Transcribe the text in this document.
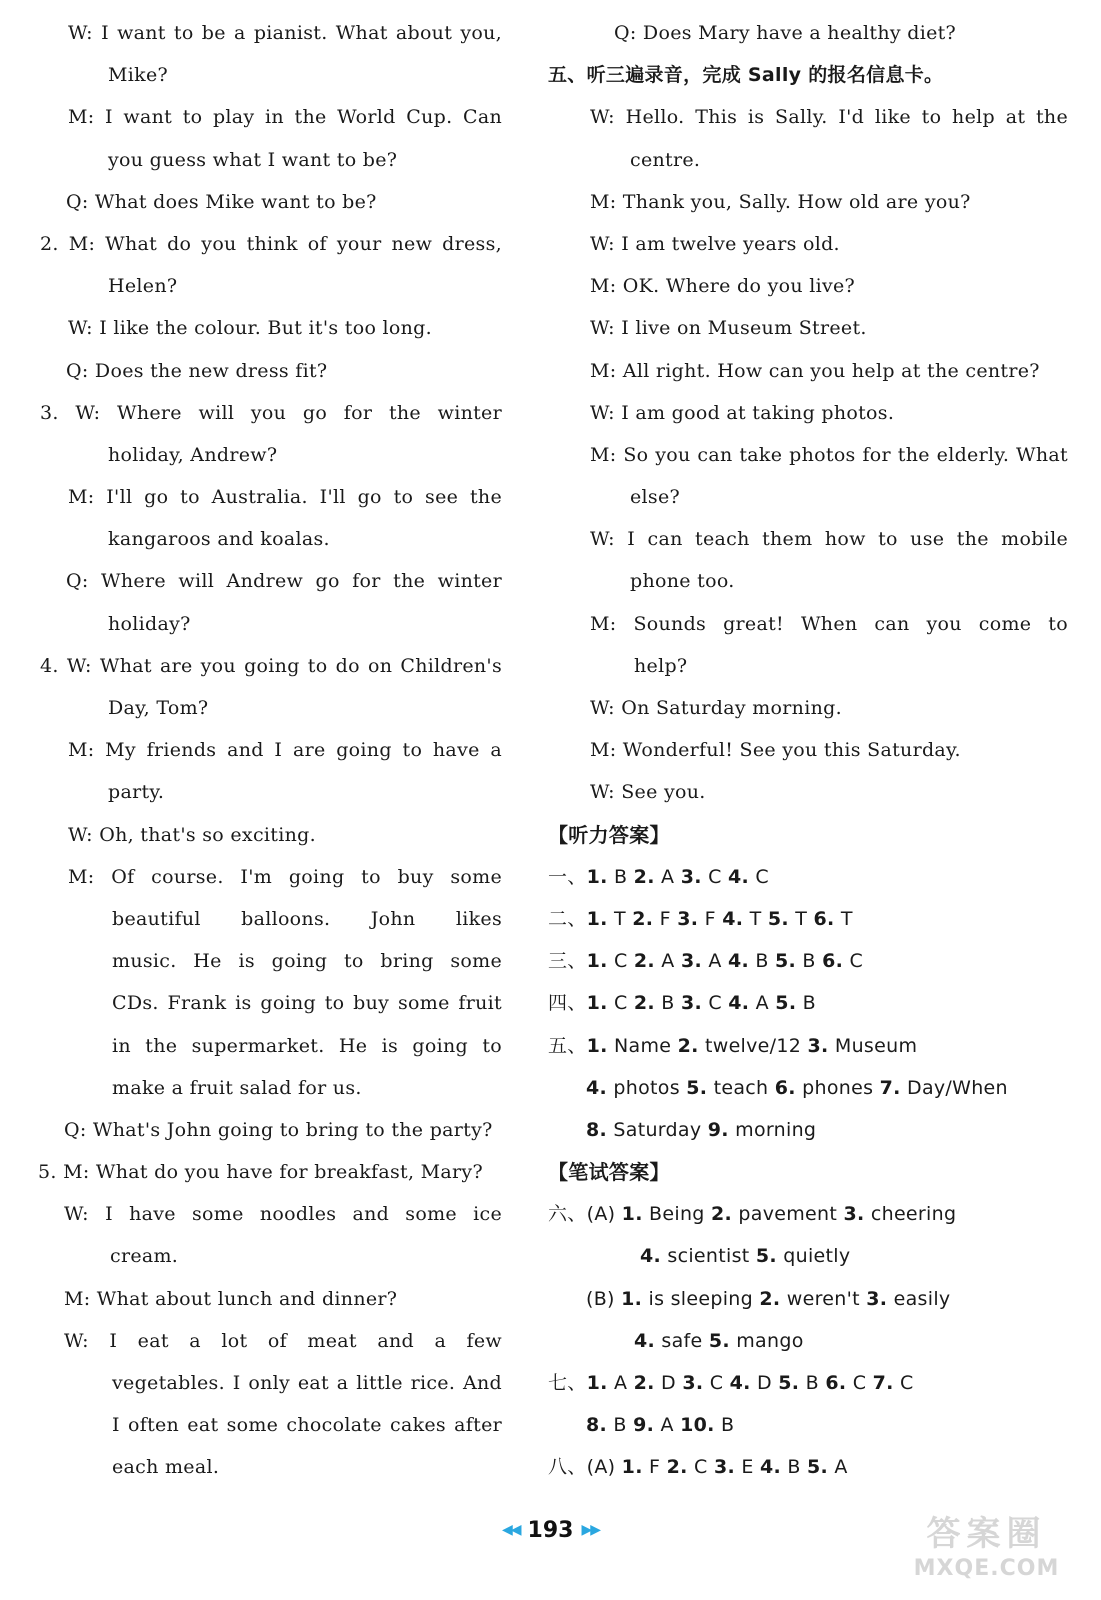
W: I want to be a pianist. What about you,
Mike?
M: I want to play in the World Cup. Can
you guess what I want to be?
Q: What does Mike want to be?
2. M: What do you think of your new dress,
Helen?
W: I like the colour. But it's too long.
Q: Does the new dress fit?
3. W: Where will you go for the winter
holiday, Andrew?
M: I'll go to Australia. I'll go to see the
kangaroos and koalas.
Q: Where will Andrew go for the winter
holiday?
4. W: What are you going to do on Children's
Day, Tom?
M: My friends and I are going to have a
party.
W: Oh, that's so exciting.
M: Of course. I'm going to buy some
beautiful balloons. John likes
music. He is going to bring some
CDs. Frank is going to buy some fruit
in the supermarket. He is going to
make a fruit salad for us.
Q: What's John going to bring to the party?
5. M: What do you have for breakfast, Mary?
W: I have some noodles and some ice
cream.
M: What about lunch and dinner?
W: I eat a lot of meat and a few
vegetables. I only eat a little rice. And
I often eat some chocolate cakes after
each meal.
Q: Does Mary have a healthy diet?
五、听三遍录音，完成 Sally 的报名信息卡。
W: Hello. This is Sally. I'd like to help at the
centre.
M: Thank you, Sally. How old are you?
W: I am twelve years old.
M: OK. Where do you live?
W: I live on Museum Street.
M: All right. How can you help at the centre?
W: I am good at taking photos.
M: So you can take photos for the elderly. What
else?
W: I can teach them how to use the mobile
phone too.
M: Sounds great! When can you come to
help?
W: On Saturday morning.
M: Wonderful! See you this Saturday.
W: See you.
【听力答案】
一、1. B 2. A 3. C 4. C
二、1. T 2. F 3. F 4. T 5. T 6. T
三、1. C 2. A 3. A 4. B 5. B 6. C
四、1. C 2. B 3. C 4. A 5. B
五、1. Name 2. twelve/12 3. Museum
4. photos 5. teach 6. phones 7. Day/When
8. Saturday 9. morning
【笔试答案】
六、(A) 1. Being 2. pavement 3. cheering
4. scientist 5. quietly
(B) 1. is sleeping 2. weren't 3. easily
4. safe 5. mango
七、1. A 2. D 3. C 4. D 5. B 6. C 7. C
8. B 9. A 10. B
八、(A) 1. F 2. C 3. E 4. B 5. A
◀◀ 193 ▶▶	答案圈
MXQE.COM
